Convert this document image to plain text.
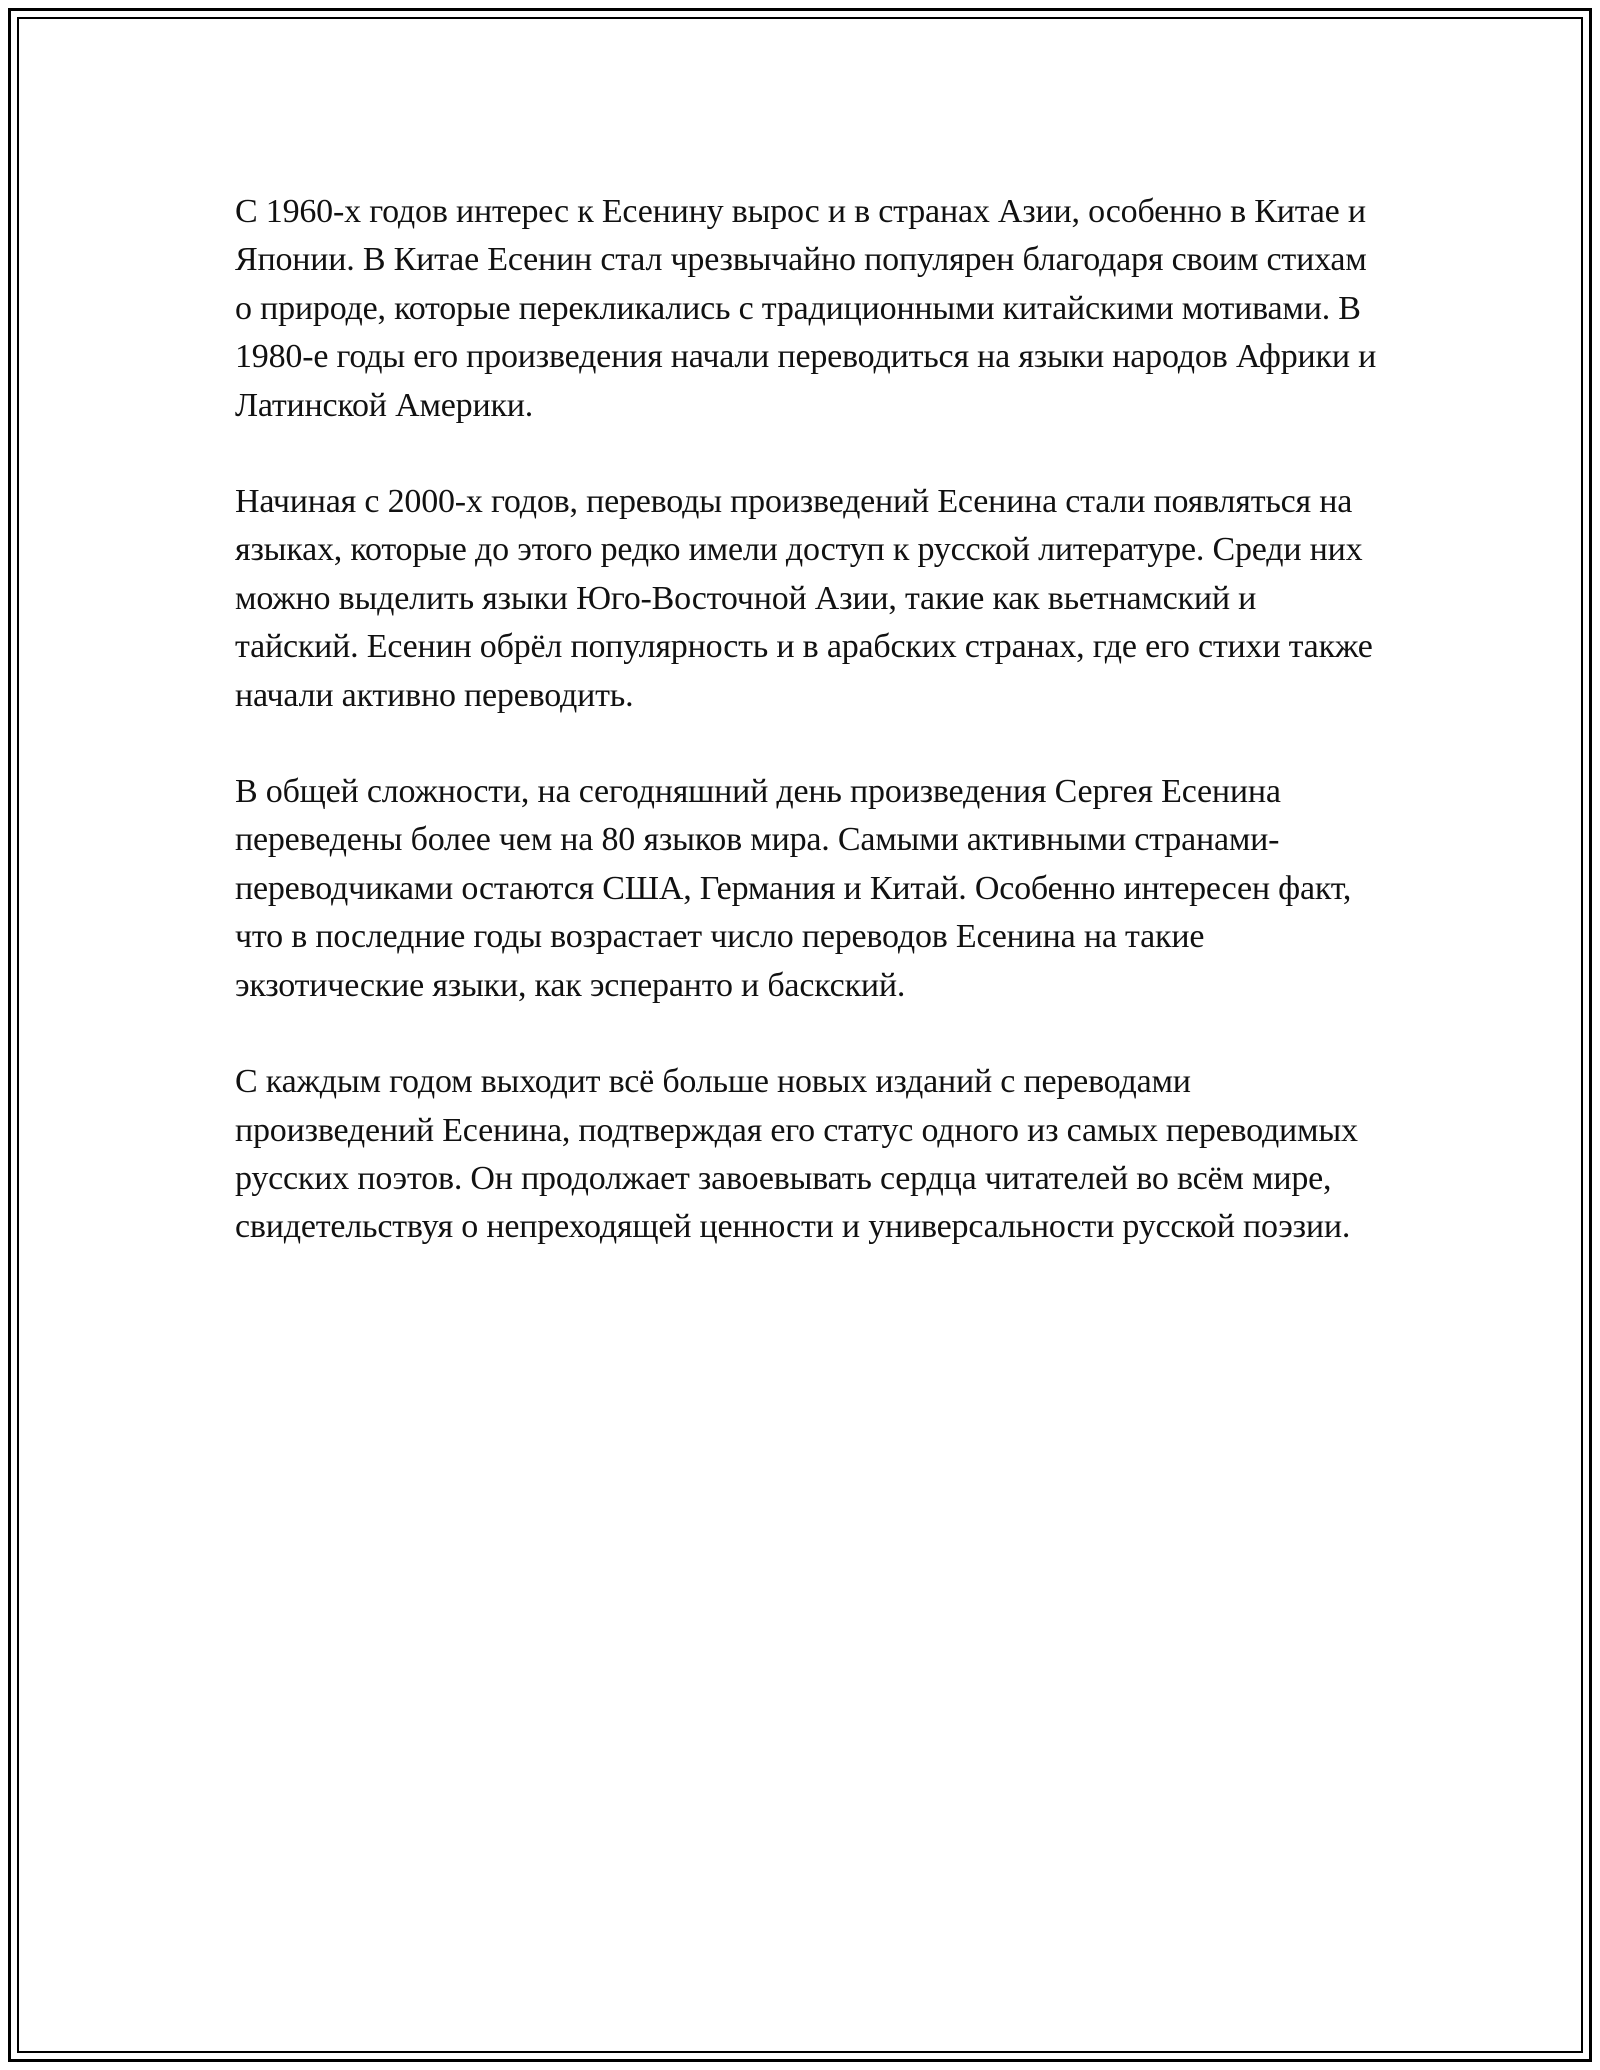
С 1960-х годов интерес к Есенину вырос и в странах Азии, особенно в Китае и Японии. В Китае Есенин стал чрезвычайно популярен благодаря своим стихам о природе, которые перекликались с традиционными китайскими мотивами. В 1980-е годы его произведения начали переводиться на языки народов Африки и Латинской Америки.

Начиная с 2000-х годов, переводы произведений Есенина стали появляться на языках, которые до этого редко имели доступ к русской литературе. Среди них можно выделить языки Юго-Восточной Азии, такие как вьетнамский и тайский. Есенин обрёл популярность и в арабских странах, где его стихи также начали активно переводить.

В общей сложности, на сегодняшний день произведения Сергея Есенина переведены более чем на 80 языков мира. Самыми активными странами-переводчиками остаются США, Германия и Китай. Особенно интересен факт, что в последние годы возрастает число переводов Есенина на такие экзотические языки, как эсперанто и баскский.

С каждым годом выходит всё больше новых изданий с переводами произведений Есенина, подтверждая его статус одного из самых переводимых русских поэтов. Он продолжает завоевывать сердца читателей во всём мире, свидетельствуя о непреходящей ценности и универсальности русской поэзии.
